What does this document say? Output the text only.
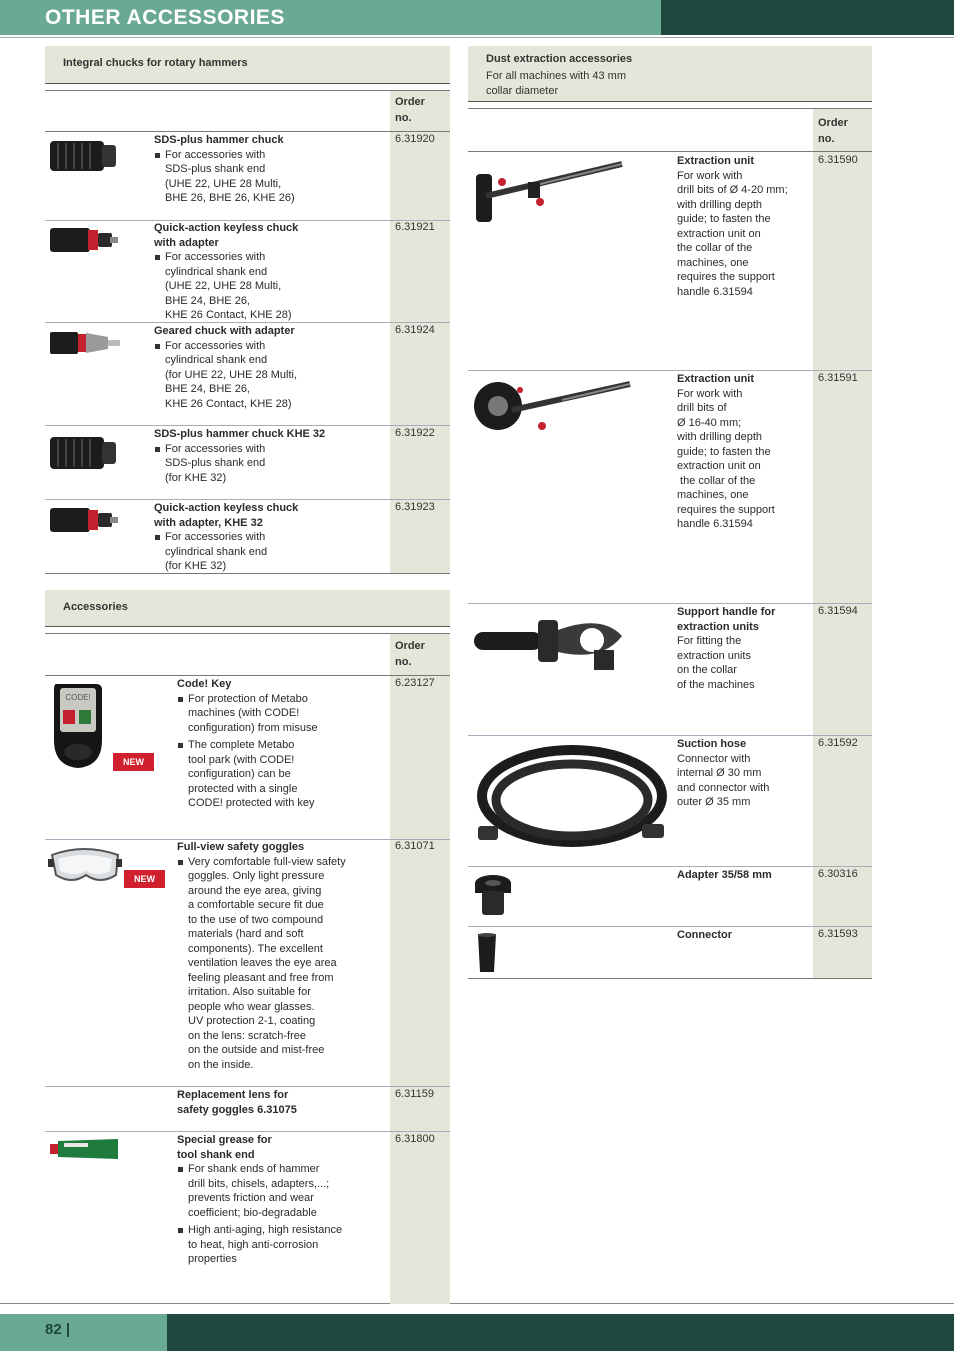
OTHER ACCESSORIES
82 |
Integral chucks for rotary hammers
Order
no.
SDS-plus hammer chuck
For accessories with
SDS-plus shank end
(UHE 22, UHE 28 Multi,
BHE 26, BHE 26, KHE 26)
6.31920
Quick-action keyless chuck
with adapter
For accessories with
cylindrical shank end
(UHE 22, UHE 28 Multi,
BHE 24, BHE 26,
KHE 26 Contact, KHE 28)
6.31921
Geared chuck with adapter
For accessories with
cylindrical shank end
(for UHE 22, UHE 28 Multi,
BHE 24, BHE 26,
KHE 26 Contact, KHE 28)
6.31924
SDS-plus hammer chuck KHE 32
For accessories with
SDS-plus shank end
(for KHE 32)
6.31922
Quick-action keyless chuck
with adapter, KHE 32
For accessories with
cylindrical shank end
(for KHE 32)
6.31923
Accessories
Order
no.
CODE!
NEW
Code! Key
For protection of Metabo
machines (with CODE!
configuration) from misuse
The complete Metabo
tool park (with CODE!
configuration) can be
protected with a single
CODE! protected with key
6.23127
NEW
Full-view safety goggles
Very comfortable full-view safety
goggles. Only light pressure
around the eye area, giving
a comfortable secure fit due
to the use of two compound
materials (hard and soft
components). The excellent
ventilation leaves the eye area
feeling pleasant and free from
irritation. Also suitable for
people who wear glasses.
UV protection 2-1, coating
on the lens: scratch-free
on the outside and mist-free
on the inside.
6.31071
Replacement lens for
safety goggles 6.31075
6.31159
Special grease for
tool shank end
For shank ends of hammer
drill bits, chisels, adapters,...;
prevents friction and wear
coefficient; bio-degradable
High anti-aging, high resistance
to heat, high anti-corrosion
properties
6.31800
Dust extraction accessories
For all machines with 43 mm
collar diameter
Order
no.
Extraction unit
For work with
drill bits of Ø 4-20 mm;
with drilling depth
guide; to fasten the
extraction unit on
the collar of the
machines, one
requires the support
handle 6.31594
6.31590
Extraction unit
For work with
drill bits of
Ø 16-40 mm;
with drilling depth
guide; to fasten the
extraction unit on
the collar of the
machines, one
requires the support
handle 6.31594
6.31591
Support handle for
extraction units
For fitting the
extraction units
on the collar
of the machines
6.31594
Suction hose
Connector with
internal Ø 30 mm
and connector with
outer Ø 35 mm
6.31592
Adapter 35/58 mm	6.30316
Connector	6.31593
